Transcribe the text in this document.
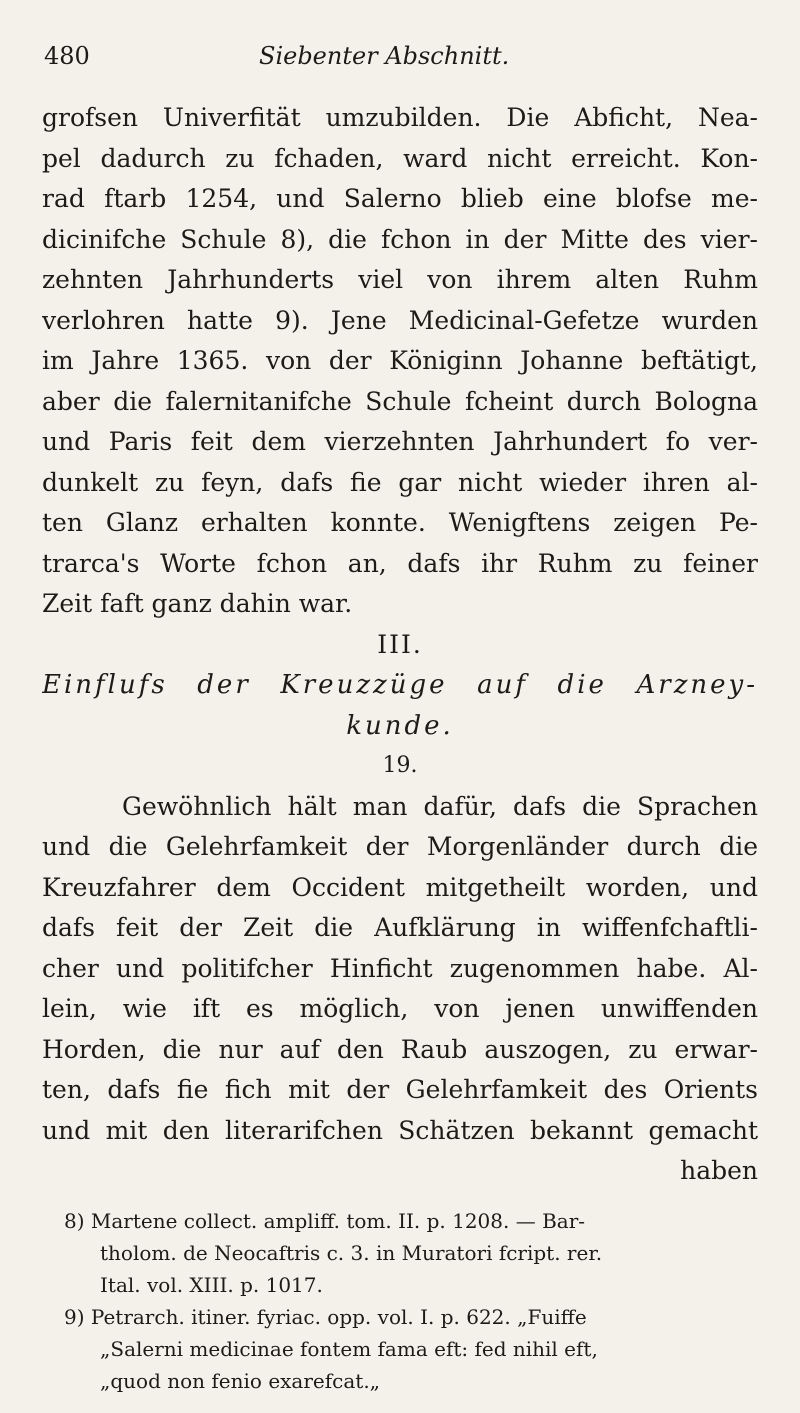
480	Siebenter Abschnitt.
grofsen Univerfität umzubilden. Die Abficht, Nea-
pel dadurch zu fchaden, ward nicht erreicht. Kon-
rad ftarb 1254, und Salerno blieb eine blofse me-
dicinifche Schule 8), die fchon in der Mitte des vier-
zehnten Jahrhunderts viel von ihrem alten Ruhm
verlohren hatte 9). Jene Medicinal-Gefetze wurden
im Jahre 1365. von der Königinn Johanne beftätigt,
aber die falernitanifche Schule fcheint durch Bologna
und Paris feit dem vierzehnten Jahrhundert fo ver-
dunkelt zu feyn, dafs fie gar nicht wieder ihren al-
ten Glanz erhalten konnte. Wenigftens zeigen Pe-
trarca's Worte fchon an, dafs ihr Ruhm zu feiner
Zeit faft ganz dahin war.
III.
Einflufs der Kreuzzüge auf die Arzney-
kunde.
19.
Gewöhnlich hält man dafür, dafs die Sprachen
und die Gelehrfamkeit der Morgenländer durch die
Kreuzfahrer dem Occident mitgetheilt worden, und
dafs feit der Zeit die Aufklärung in wiffenfchaftli-
cher und politifcher Hinficht zugenommen habe. Al-
lein, wie ift es möglich, von jenen unwiffenden
Horden, die nur auf den Raub auszogen, zu erwar-
ten, dafs fie fich mit der Gelehrfamkeit des Orients
und mit den literarifchen Schätzen bekannt gemacht
haben
8) Martene collect. ampliff. tom. II. p. 1208. — Bar-
tholom. de Neocaftris c. 3. in Muratori fcript. rer.
Ital. vol. XIII. p. 1017.
9) Petrarch. itiner. fyriac. opp. vol. I. p. 622. „Fuiffe
„Salerni medicinae fontem fama eft: fed nihil eft,
„quod non fenio exarefcat.„
